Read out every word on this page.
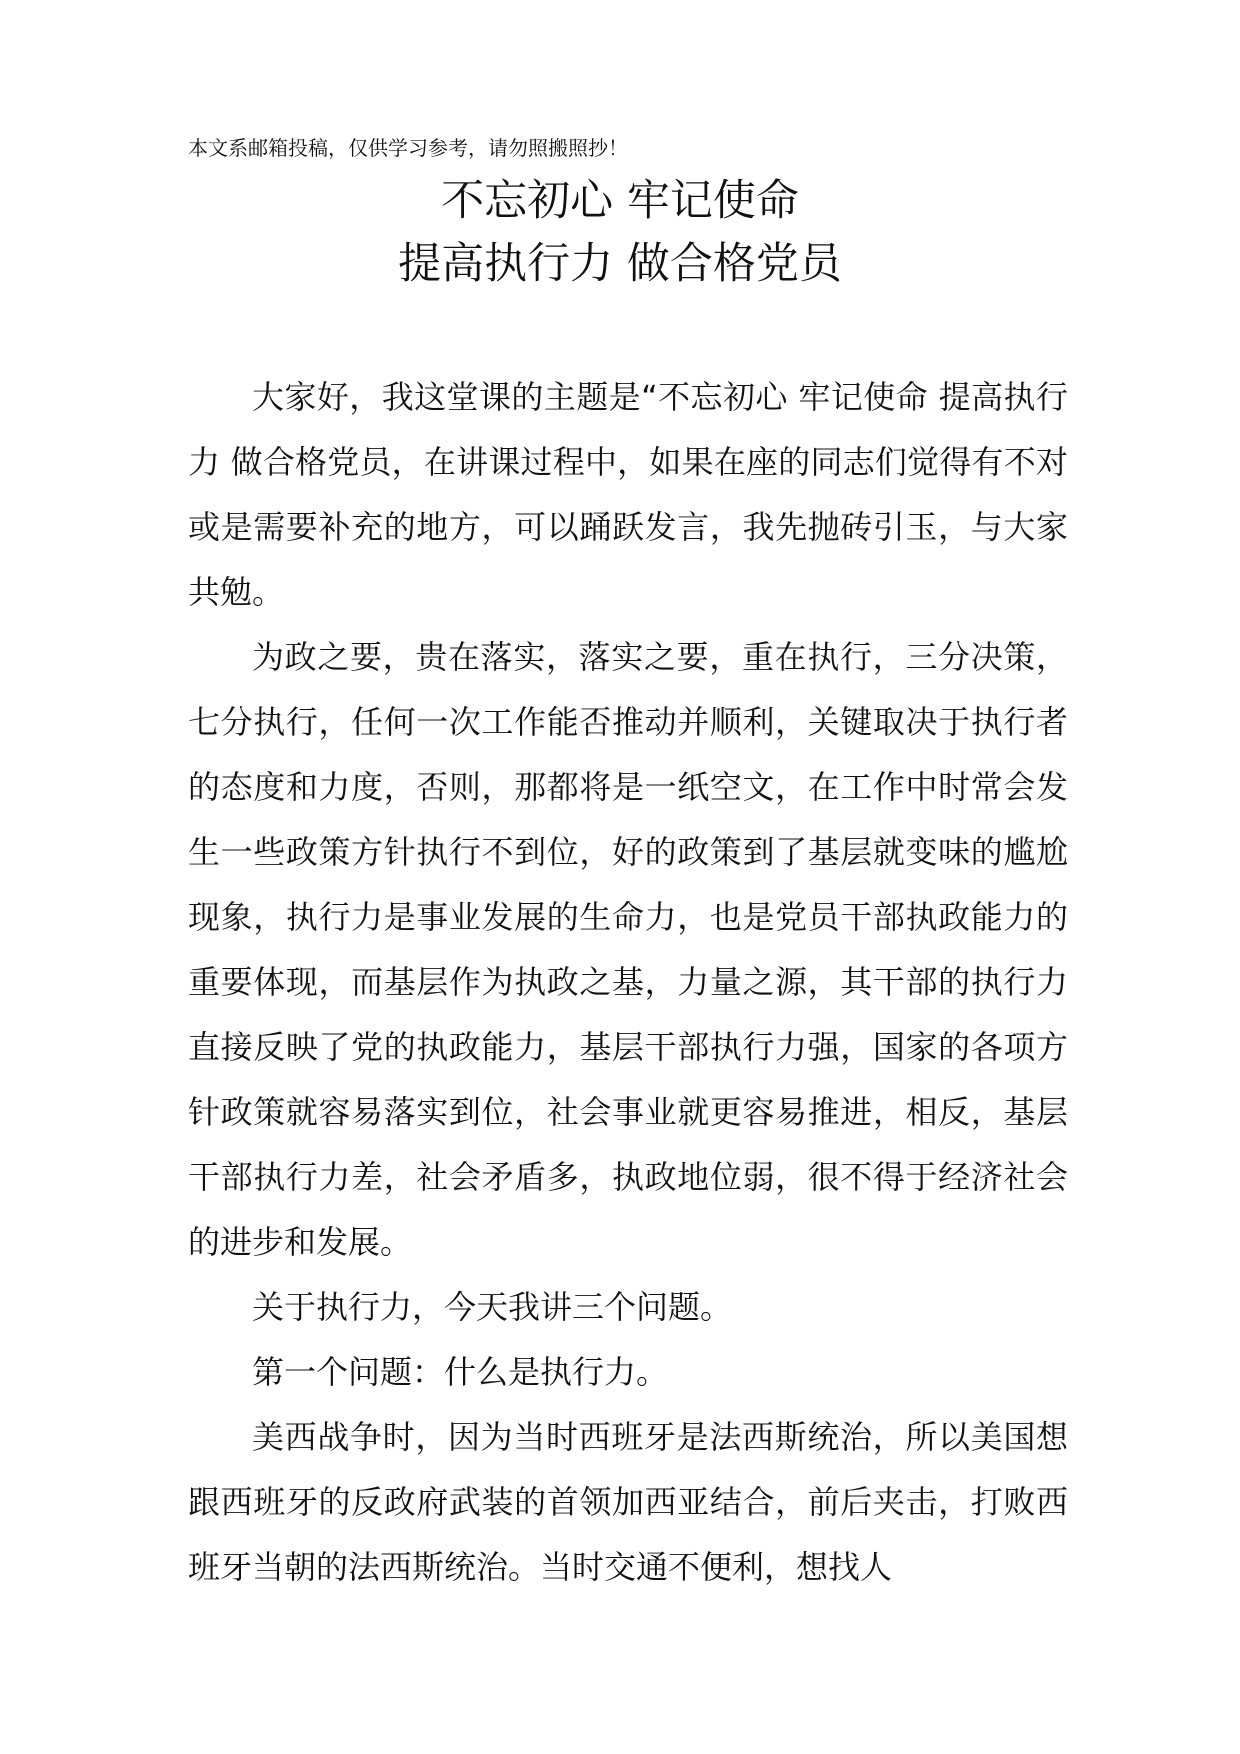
本文系邮箱投稿，仅供学习参考，请勿照搬照抄！
不忘初心 牢记使命
提高执行力 做合格党员

大家好，我这堂课的主题是“不忘初心 牢记使命 提高执行力 做合格党员，在讲课过程中，如果在座的同志们觉得有不对或是需要补充的地方，可以踊跃发言，我先抛砖引玉，与大家共勉。

为政之要，贵在落实，落实之要，重在执行，三分决策，七分执行，任何一次工作能否推动并顺利，关键取决于执行者的态度和力度，否则，那都将是一纸空文，在工作中时常会发生一些政策方针执行不到位，好的政策到了基层就变味的尴尬现象，执行力是事业发展的生命力，也是党员干部执政能力的重要体现，而基层作为执政之基，力量之源，其干部的执行力直接反映了党的执政能力，基层干部执行力强，国家的各项方针政策就容易落实到位，社会事业就更容易推进，相反，基层干部执行力差，社会矛盾多，执政地位弱，很不得于经济社会的进步和发展。

关于执行力，今天我讲三个问题。

第一个问题：什么是执行力。

美西战争时，因为当时西班牙是法西斯统治，所以美国想跟西班牙的反政府武装的首领加西亚结合，前后夹击，打败西班牙当朝的法西斯统治。当时交通不便利，想找人
